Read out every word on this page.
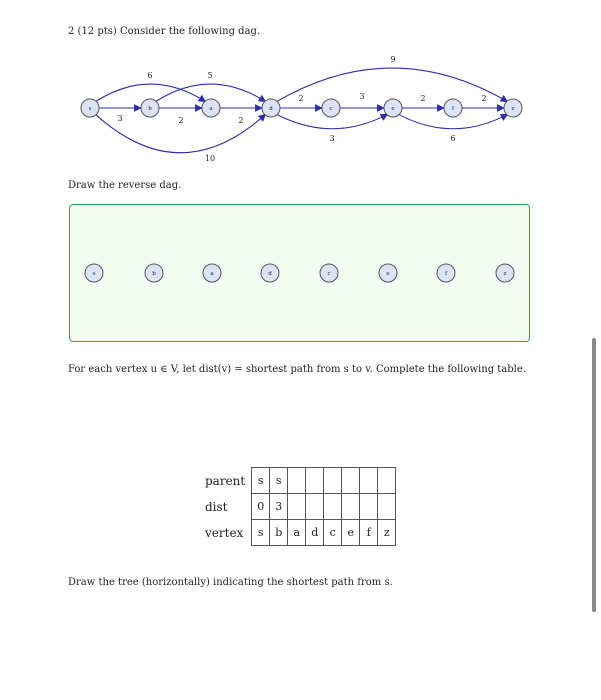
2 (12 pts) Consider the following dag.
3
6
2
5
2
10
2
3
3
9
2	2
6
s	b	a	d	c	e	f	z
Draw the reverse dag.
s	b	a	d	c	e	f	z
For each vertex u ∈ V, let dist(v) = shortest path from s to v. Complete the following table.
parent	s	s						
dist	0	3						
vertex	s	b	a	d	c	e	f	z
Draw the tree (horizontally) indicating the shortest path from s.
